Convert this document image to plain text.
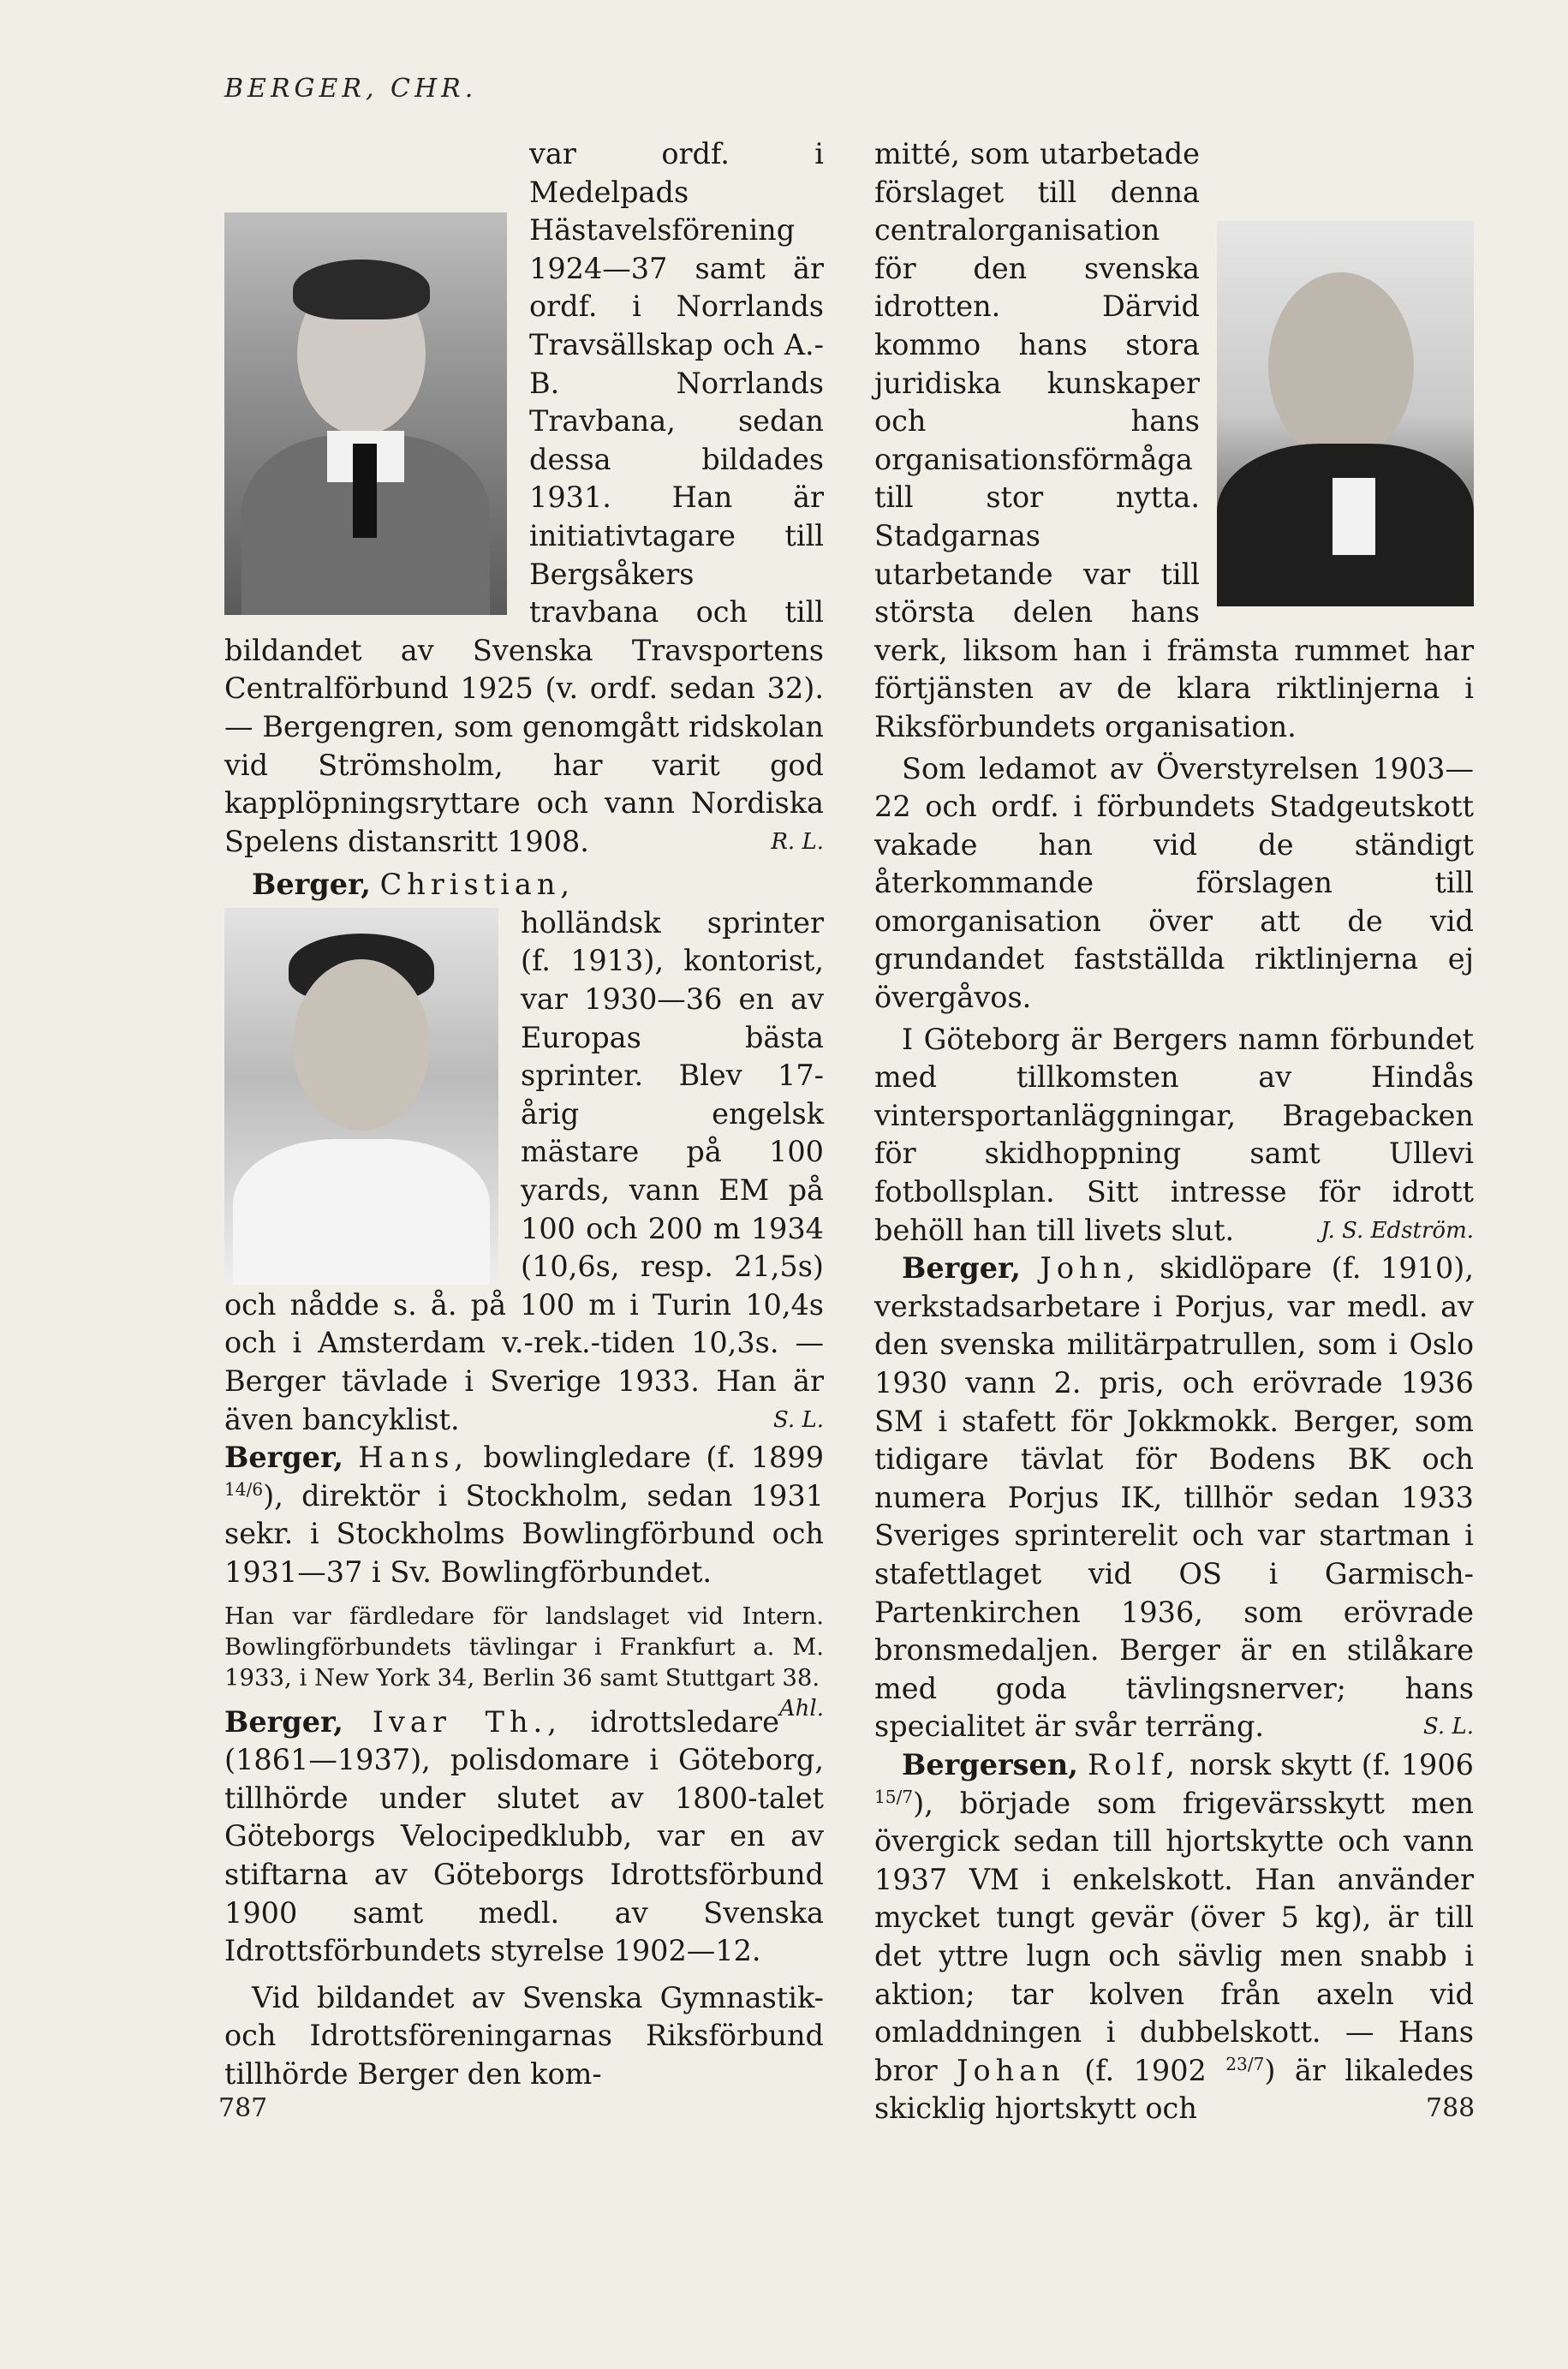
BERGER, CHR.

var ordf. i Medelpads Hästavelsförening 1924—37 samt är ordf. i Norrlands Travsällskap och A.-B. Norrlands Travbana, sedan dessa bildades 1931. Han är initiativtagare till Bergsåkers travbana och till bildandet av Svenska Travsportens Centralförbund 1925 (v. ordf. sedan 32). — Bergengren, som genomgått ridskolan vid Strömsholm, har varit god kapplöpningsryttare och vann Nordiska Spelens distansritt 1908.	R. L.

Berger, Christian,

holländsk sprinter (f. 1913), kontorist, var 1930—36 en av Europas bästa sprinter. Blev 17-årig engelsk mästare på 100 yards, vann EM på 100 och 200 m 1934 (10,6s, resp. 21,5s) och nådde s. å. på 100 m i Turin 10,4s och i Amsterdam v.-rek.-tiden 10,3s. — Berger tävlade i Sverige 1933. Han är även bancyklist.	S. L.

Berger, Hans, bowlingledare (f. 1899 $^{14/6}$), direktör i Stockholm, sedan 1931 sekr. i Stockholms Bowlingförbund och 1931—37 i Sv. Bowlingförbundet.

Han var färdledare för landslaget vid Intern. Bowlingförbundets tävlingar i Frankfurt a. M. 1933, i New York 34, Berlin 36 samt Stuttgart 38.
Ahl.

Berger, Ivar Th., idrottsledare (1861—1937), polisdomare i Göteborg, tillhörde under slutet av 1800-talet Göteborgs Velocipedklubb, var en av stiftarna av Göteborgs Idrottsförbund 1900 samt medl. av Svenska Idrottsförbundets styrelse 1902—12.

Vid bildandet av Svenska Gymnastik- och Idrottsföreningarnas Riksförbund tillhörde Berger den kom-

mitté, som utarbetade förslaget till denna centralorganisation för den svenska idrotten. Därvid kommo hans stora juridiska kunskaper och hans organisationsförmåga till stor nytta. Stadgarnas utarbetande var till största delen hans verk, liksom han i främsta rummet har förtjänsten av de klara riktlinjerna i Riksförbundets organisation.

Som ledamot av Överstyrelsen 1903—22 och ordf. i förbundets Stadgeutskott vakade han vid de ständigt återkommande förslagen till omorganisation över att de vid grundandet fastställda riktlinjerna ej övergåvos.

I Göteborg är Bergers namn förbundet med tillkomsten av Hindås vintersportanläggningar, Bragebacken för skidhoppning samt Ullevi fotbollsplan. Sitt intresse för idrott behöll han till livets slut.	J. S. Edström.

Berger, John, skidlöpare (f. 1910), verkstadsarbetare i Porjus, var medl. av den svenska militärpatrullen, som i Oslo 1930 vann 2. pris, och erövrade 1936 SM i stafett för Jokkmokk. Berger, som tidigare tävlat för Bodens BK och numera Porjus IK, tillhör sedan 1933 Sveriges sprinterelit och var startman i stafettlaget vid OS i Garmisch-Partenkirchen 1936, som erövrade bronsmedaljen. Berger är en stilåkare med goda tävlingsnerver; hans specialitet är svår terräng.	S. L.

Bergersen, Rolf, norsk skytt (f. 1906 $^{15/7}$), började som frigevärsskytt men övergick sedan till hjortskytte och vann 1937 VM i enkelskott. Han använder mycket tungt gevär (över 5 kg), är till det yttre lugn och sävlig men snabb i aktion; tar kolven från axeln vid omladdningen i dubbelskott. — Hans bror Johan (f. 1902 $^{23/7}$) är likaledes skicklig hjortskytt och

787	788
